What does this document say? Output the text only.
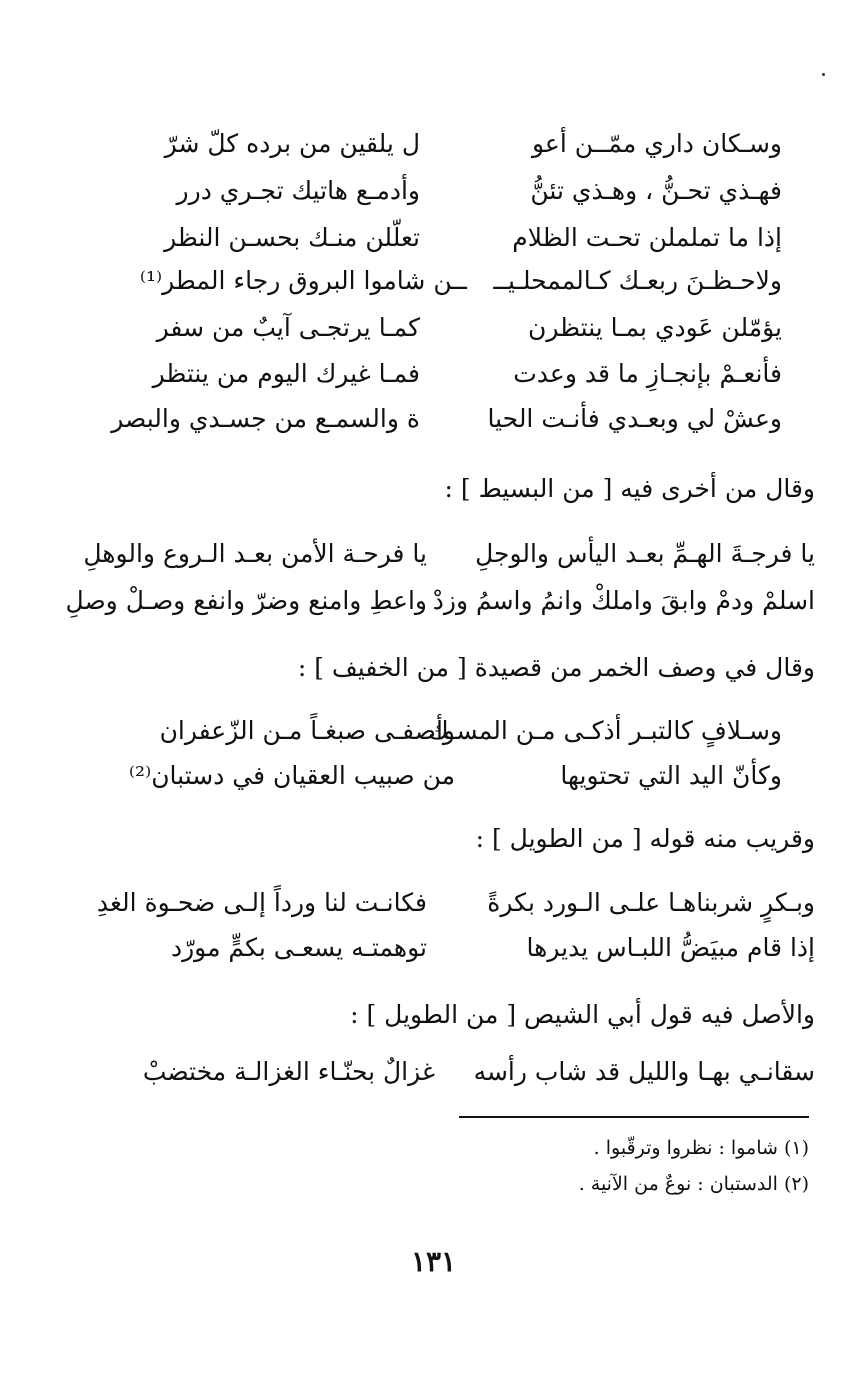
وسـكان داري ممّــن أعو
ل يلقين من برده كلّ شرّ
فهـذي تحـنُّ ، وهـذي تئنُّ
وأدمـع هاتيك تجـري درر
إذا ما تململن تحـت الظلام
تعلّلن منـك بحسـن النظر
ولاحـظـنَ ربعـك كـالممحلـيــ
ــن شاموا البروق رجاء المطر⁽¹⁾
يؤمّلن عَودي بمـا ينتظرن
كمـا يرتجـى آيبٌ من سفر
فأنعـمْ بإنجـازِ ما قد وعدت
فمـا غيرك اليوم من ينتظر
وعشْ لي وبعـدي فأنـت الحيا
ة والسمـع من جسـدي والبصر
وقال من أخرى فيه [ من البسيط ] :
يا فرجـةَ الهـمِّ بعـد اليأس والوجلِ
يا فرحـة الأمن بعـد الـروع والوهلِ
اسلمْ ودمْ وابقَ واملكْ وانمُ واسمُ وزدْ
واعطِ وامنع وضرّ وانفع وصـلْ وصلِ
وقال في وصف الخمر من قصيدة [ من الخفيف ] :
وسـلافٍ كالتبـر أذكـى مـن المسـك
وأصفـى صبغـاً مـن الزّعفران
وكأنّ اليد التي تحتويها
من صبيب العقيان في دستبان⁽²⁾
وقريب منه قوله [ من الطويل ] :
وبـكرٍ شربناهـا علـى الـورد بكرةً
فكانـت لنا ورداً إلـى ضحـوة الغدِ
إذا قام مبيَضُّ اللبـاس يديرها
توهمتـه يسعـى بكمٍّ مورّد
والأصل فيه قول أبي الشيص [ من الطويل ] :
سقانـي بهـا والليل قد شاب رأسه
غزالٌ بحنّـاء الغزالـة مختضبْ
(١) شاموا : نظروا وترقّبوا .
(٢) الدستبان : نوعٌ من الآنية .
١٣١
